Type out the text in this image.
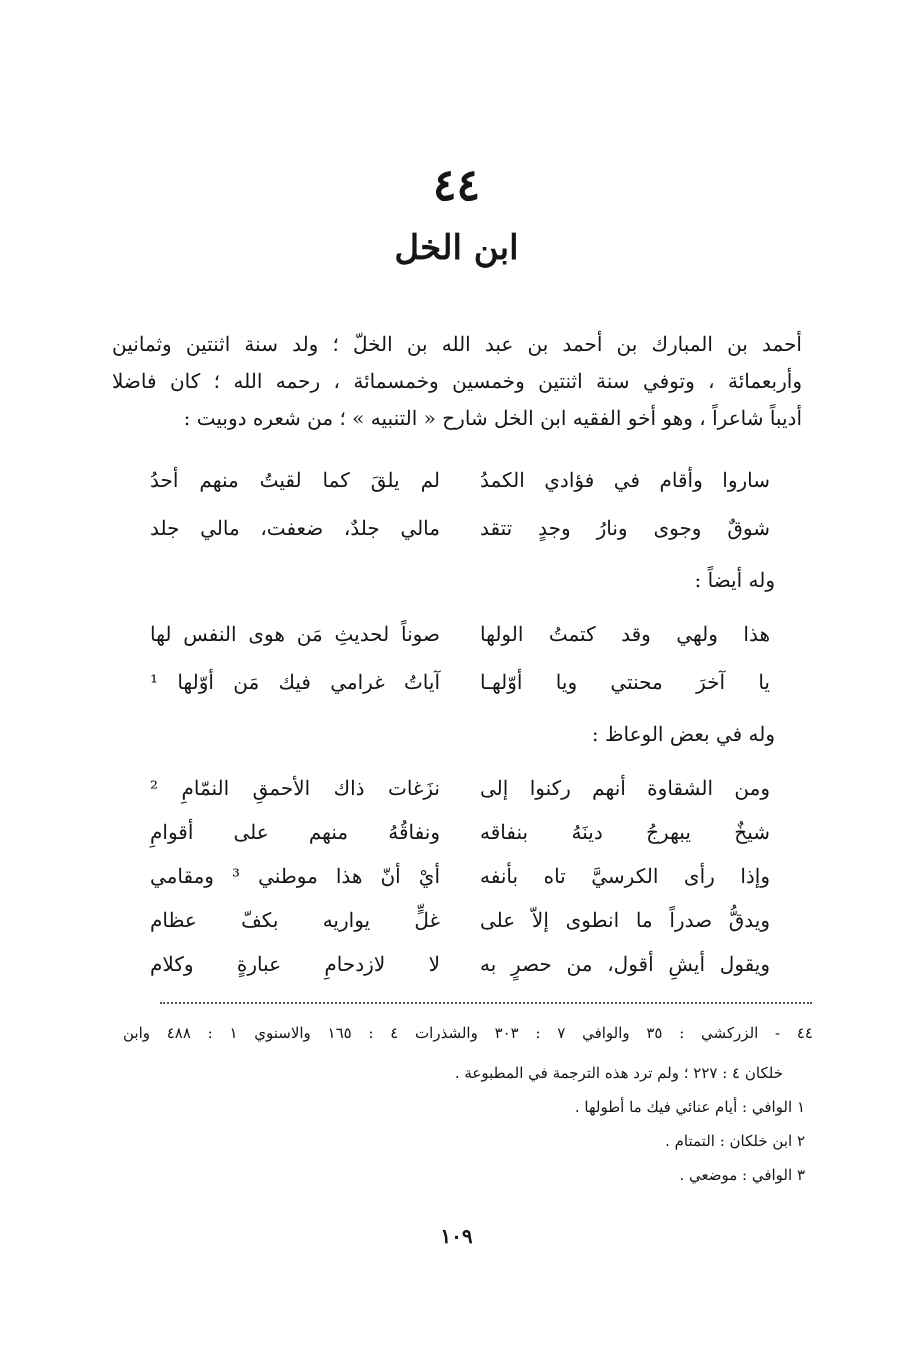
٤٤
ابن الخل
أحمد بن المبارك بن أحمد بن عبد الله بن الخلّ ؛ ولد سنة اثنتين وثمانين
وأربعمائة ، وتوفي سنة اثنتين وخمسين وخمسمائة ، رحمه الله ؛ كان فاضلا
أديباً شاعراً ، وهو أخو الفقيه ابن الخل شارح « التنبيه » ؛ من شعره دوبيت :
ساروا وأقام في فؤادي الكمدُ
لم يلقَ كما لقيتُ منهم أحدُ
شوقٌ وجوى ونارُ وجدٍ تتقد
مالي جلدٌ، ضعفت، مالي جلد
وله أيضاً :
هذا ولهي وقد كتمتُ الولها
صوناً لحديثِ مَن هوى النفس لها
يا آخرَ محنتي ويا أوّلهـا
آياتُ غرامي فيك مَن أوّلها ¹
وله في بعض الوعاظ :
ومن الشقاوة أنهم ركنوا إلى
نزَغات ذاك الأحمقِ النمّامِ ²
شيخٌ يبهرجُ دينَهُ بنفاقه
ونفاقُهُ منهم على أقوامِ
وإذا رأى الكرسيَّ تاه بأنفه
أيْ أنّ هذا موطني ³ ومقامي
ويدقُّ صدراً ما انطوى إلاّ على
غلٍّ يواريه بكفّ عظام
ويقول أيشِ أقول، من حصرٍ به
لا لازدحامِ عبارةٍ وكلام
٤٤ - الزركشي : ٣٥ والوافي ٧ : ٣٠٣ والشذرات ٤ : ١٦٥ والاسنوي ١ : ٤٨٨ وابن
خلكان ٤ : ٢٢٧ ؛ ولم ترد هذه الترجمة في المطبوعة .
١ الوافي : أيام عنائي فيك ما أطولها .
٢ ابن خلكان : التمتام .
٣ الوافي : موضعي .
١٠٩
